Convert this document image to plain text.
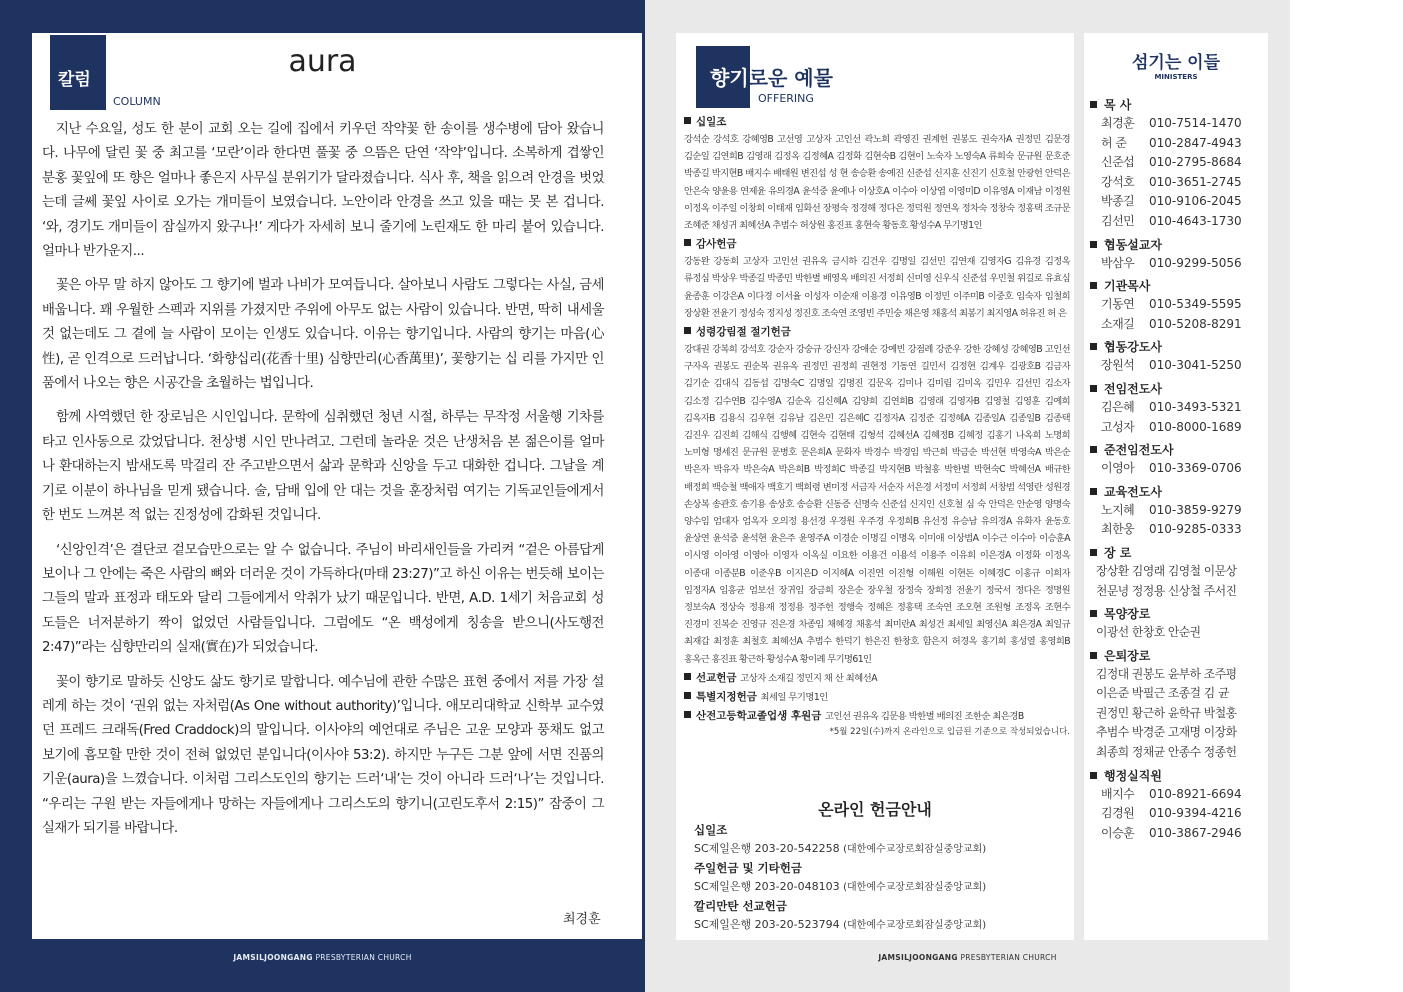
칼럼
COLUMN
aura

지난 수요일, 성도 한 분이 교회 오는 길에 집에서 키우던 작약꽃 한 송이를 생수병에 담아 왔습니다. 나무에 달린 꽃 중 최고를 ‘모란’이라 한다면 풀꽃 중 으뜸은 단연 ‘작약’입니다. 소복하게 겹쌓인 분홍 꽃잎에 또 향은 얼마나 좋은지 사무실 분위기가 달라졌습니다. 식사 후, 책을 읽으려 안경을 벗었는데 글쎄 꽃잎 사이로 오가는 개미들이 보였습니다. 노안이라 안경을 쓰고 있을 때는 못 본 겁니다. ‘와, 경기도 개미들이 잠실까지 왔구나!’ 게다가 자세히 보니 줄기에 노린재도 한 마리 붙어 있습니다. 얼마나 반가운지...

꽃은 아무 말 하지 않아도 그 향기에 벌과 나비가 모여듭니다. 살아보니 사람도 그렇다는 사실, 금세 배웁니다. 꽤 우월한 스펙과 지위를 가졌지만 주위에 아무도 없는 사람이 있습니다. 반면, 딱히 내세울 것 없는데도 그 곁에 늘 사람이 모이는 인생도 있습니다. 이유는 향기입니다. 사람의 향기는 마음(心性), 곧 인격으로 드러납니다. ‘화향십리(花香十里) 심향만리(心香萬里)’, 꽃향기는 십 리를 가지만 인품에서 나오는 향은 시공간을 초월하는 법입니다.

함께 사역했던 한 장로님은 시인입니다. 문학에 심취했던 청년 시절, 하루는 무작정 서울행 기차를 타고 인사동으로 갔었답니다. 천상병 시인 만나려고. 그런데 놀라운 것은 난생처음 본 젊은이를 얼마나 환대하는지 밤새도록 막걸리 잔 주고받으면서 삶과 문학과 신앙을 두고 대화한 겁니다. 그날을 계기로 이분이 하나님을 믿게 됐습니다. 술, 담배 입에 안 대는 것을 훈장처럼 여기는 기독교인들에게서 한 번도 느껴본 적 없는 진정성에 감화된 것입니다.

‘신앙인격’은 결단코 겉모습만으로는 알 수 없습니다. 주님이 바리새인들을 가리켜 “겉은 아름답게 보이나 그 안에는 죽은 사람의 뼈와 더러운 것이 가득하다(마태 23:27)”고 하신 이유는 번듯해 보이는 그들의 말과 표정과 태도와 달리 그들에게서 악취가 났기 때문입니다. 반면, A.D. 1세기 처음교회 성도들은 너저분하기 짝이 없었던 사람들입니다. 그럼에도 “온 백성에게 칭송을 받으니(사도행전 2:47)”라는 심향만리의 실재(實在)가 되었습니다.

꽃이 향기로 말하듯 신앙도 삶도 향기로 말합니다. 예수님에 관한 수많은 표현 중에서 저를 가장 설레게 하는 것이 ‘권위 없는 자처럼(As One without authority)’입니다. 애모리대학교 신학부 교수였던 프레드 크래독(Fred Craddock)의 말입니다. 이사야의 예언대로 주님은 고운 모양과 풍채도 없고 보기에 흠모할 만한 것이 전혀 없었던 분입니다(이사야 53:2). 하지만 누구든 그분 앞에 서면 진품의 기운(aura)을 느꼈습니다. 이처럼 그리스도인의 향기는 드러‘내’는 것이 아니라 드러‘나’는 것입니다. “우리는 구원 받는 자들에게나 망하는 자들에게나 그리스도의 향기니(고린도후서 2:15)” 잠중이 그 실재가 되기를 바랍니다.

최경훈
JAMSILJOONGANG PRESBYTERIAN CHURCH
향기로운 예물
OFFERING
십일조
강석순 강석호 강혜영B 고선영 고상자 고인선 곽노희 곽영진 권계헌 권봉도 권숙자A 권정민 김문경 김순일 김연희B 김영래 김정옥 김정혜A 김정화 김현숙B 김현이 노숙자 노영숙A 류희숙 문규원 문호준 박종길 박지현B 배지수 배태원 변진섭 성 현 송승환 송예진 신준섭 신지훈 신진기 신호철 안광헌 안덕은 안은숙 양윤용 연제윤 유의경A 윤석중 윤예나 이상호A 이수아 이상엽 이영미D 이유영A 이재남 이정원 이정옥 이주일 이창희 이태재 임화선 장평숙 정경해 정다은 정덕원 정연옥 정차숙 정창숙 정홍택 조규문 조혜준 채성귀 최혜선A 추범수 허상원 홍진표 홍현숙 황동호 황성수A 무기명1인
감사헌금
강동완 강동희 고상자 고인선 권유옥 금시하 김건우 김명일 김선민 김연재 김영자G 김유경 김정옥 류정심 박상우 박종길 박종민 박한별 배영옥 배의진 서정희 신미영 신우식 신준섭 우민철 위길로 유효심 윤종훈 이강은A 이다경 이서율 이성자 이순재 이용경 이유영B 이정민 이주미B 이중호 임숙자 임철희 장상환 전윤기 정성숙 정지성 정진호 조숙연 조영빈 주민숭 채은영 채홍석 최봉기 최지영A 허유진 허 은
성령강림절 절기헌금
강대권 강복희 강석호 강순자 강숭규 강신자 강애순 강예빈 강점례 강준우 강한 강혜성 강혜영B 고인선 구자옥 권봉도 권순복 권유옥 권정민 권정희 권현정 기동연 길민서 김정현 김계우 김광호B 김금자 김기순 김대식 김동섭 김명숙C 김명일 김명진 김문옥 김미나 김미림 김미옥 김민우 김선민 김소자 김소정 김수연B 김수영A 김순옥 김신혜A 김양희 김연희B 김영래 김영자B 김영철 김영훈 김예희 김옥자B 김용식 김우현 김유남 김은민 김은혜C 김정자A 김정준 김정혜A 김종일A 김종일B 김종택 김진우 김진희 김해식 김행혜 김현숙 김현태 김형석 김혜선A 김혜정B 김혜정 김홍기 나옥희 노명희 노미형 명세진 문규원 문병호 문은희A 문화자 박경수 박경임 박근희 박금순 박선현 박영숙A 박은순 박은자 박유자 박은숙A 박은희B 박정희C 박종길 박지현B 박철홍 박한별 박현숙C 박혜선A 배규한 배정희 백승철 백애자 백호기 백희령 변미정 서금자 서순자 서은경 서정미 서정희 서창범 석영란 성원경 손상복 송관호 송기용 송상호 송승환 신동증 신명숙 신준섭 신지인 신호철 심 숙 안덕은 안순영 양명숙 양수임 엄대자 엄옥자 오의정 용선경 우경원 우주경 우정희B 유선정 유승남 유의경A 유화자 윤동호 윤상연 윤석중 윤석현 윤은주 윤영주A 이경순 이명길 이명옥 이미애 이상범A 이수근 이수아 이승훈A 이시영 이아영 이영아 이영자 이옥실 이요한 이용건 이용석 이용주 이유희 이은경A 이정화 이정옥 이종대 이종분B 이준우B 이지은D 이지혜A 이진연 이진형 이해원 이현돈 이혜경C 이홍규 이희자 임정자A 임흥균 엄보선 장귀임 장금희 장은순 장우철 장정숙 장희정 전윤기 정국서 정다은 정명원 정보숙A 정상숙 정용재 정정용 정주헌 정행숙 정혜은 정홍택 조숙연 조오현 조원형 조정옥 조현수 진경미 진복순 진영규 진은경 차종임 채혜경 채홍석 최미란A 최성건 최세일 최영신A 최은경A 최일규 최재갑 최정훈 최철호 최혜선A 추범수 한덕기 한은진 한창호 함은지 허경옥 홍기희 홍성열 홍영희B 홍옥근 홍진표 황근하 황성수A 황이례 무기명61인
선교헌금 고상자 소재길 정민지 채 산 최혜선A
특별지정헌금 최세일 무기명1인
산전고등학교졸업생 후원금 고인선 권유옥 김문용 박한별 배의진 조한순 최은경B
*5월 22일(수)까지 온라인으로 입금된 기준으로 작성되었습니다.
온라인 헌금안내
십일조
SC제일은행 203-20-542258 (대한예수교장로회잠실중앙교회)
주일헌금 및 기타헌금
SC제일은행 203-20-048103 (대한예수교장로회잠실중앙교회)
깔리만탄 선교헌금
SC제일은행 203-20-523794 (대한예수교장로회잠실중앙교회)
JAMSILJOONGANG PRESBYTERIAN CHURCH
섬기는 이들
MINISTERS
목 사
최경훈 010-7514-1470
허 준 010-2847-4943
신준섭 010-2795-8684
강석호 010-3651-2745
박종길 010-9106-2045
김선민 010-4643-1730
협동설교자
박삼우 010-9299-5056
기관목사
기동연 010-5349-5595
소재길 010-5208-8291
협동강도사
장원석 010-3041-5250
전임전도사
김은혜 010-3493-5321
고성자 010-8000-1689
준전임전도사
이영아 010-3369-0706
교육전도사
노지혜 010-3859-9279
최한웅 010-9285-0333
장 로
장상환 김영래 김영철 이문상
천문녕 정정용 신상철 주서진
목양장로
이광선 한창호 안순권
은퇴장로
김정대 권봉도 윤부하 조주평
이은준 박필근 조종걸 김 균
권정민 황근하 윤학규 박철홍
추범수 박경준 고재명 이장화
최종희 정채균 안종수 정종헌
행정실직원
배지수 010-8921-6694
김경원 010-9394-4216
이승훈 010-3867-2946
